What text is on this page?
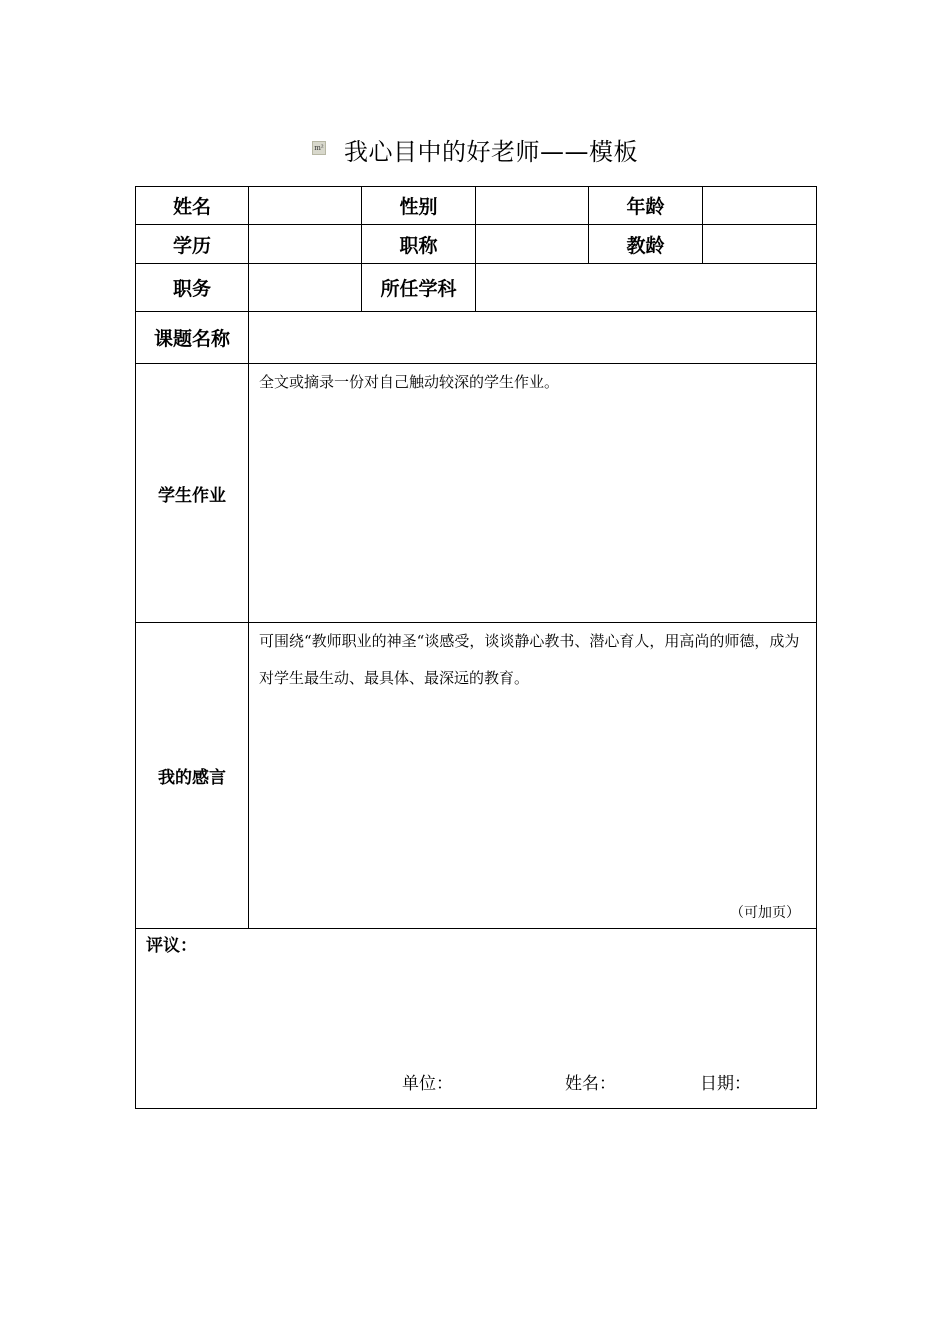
m² 我心目中的好老师——模板
姓名		性别		年龄	
学历		职称		教龄	
职务		所任学科			
课题名称					
学生作业	全文或摘录一份对自己触动较深的学生作业。				

我的感言	可围绕“教师职业的神圣“谈感受，谈谈静心教书、潜心育人，用高尚的师德，成为对学生最生动、最具体、最深远的教育。
（可加页）				

评议：
单位： 姓名： 日期：					
